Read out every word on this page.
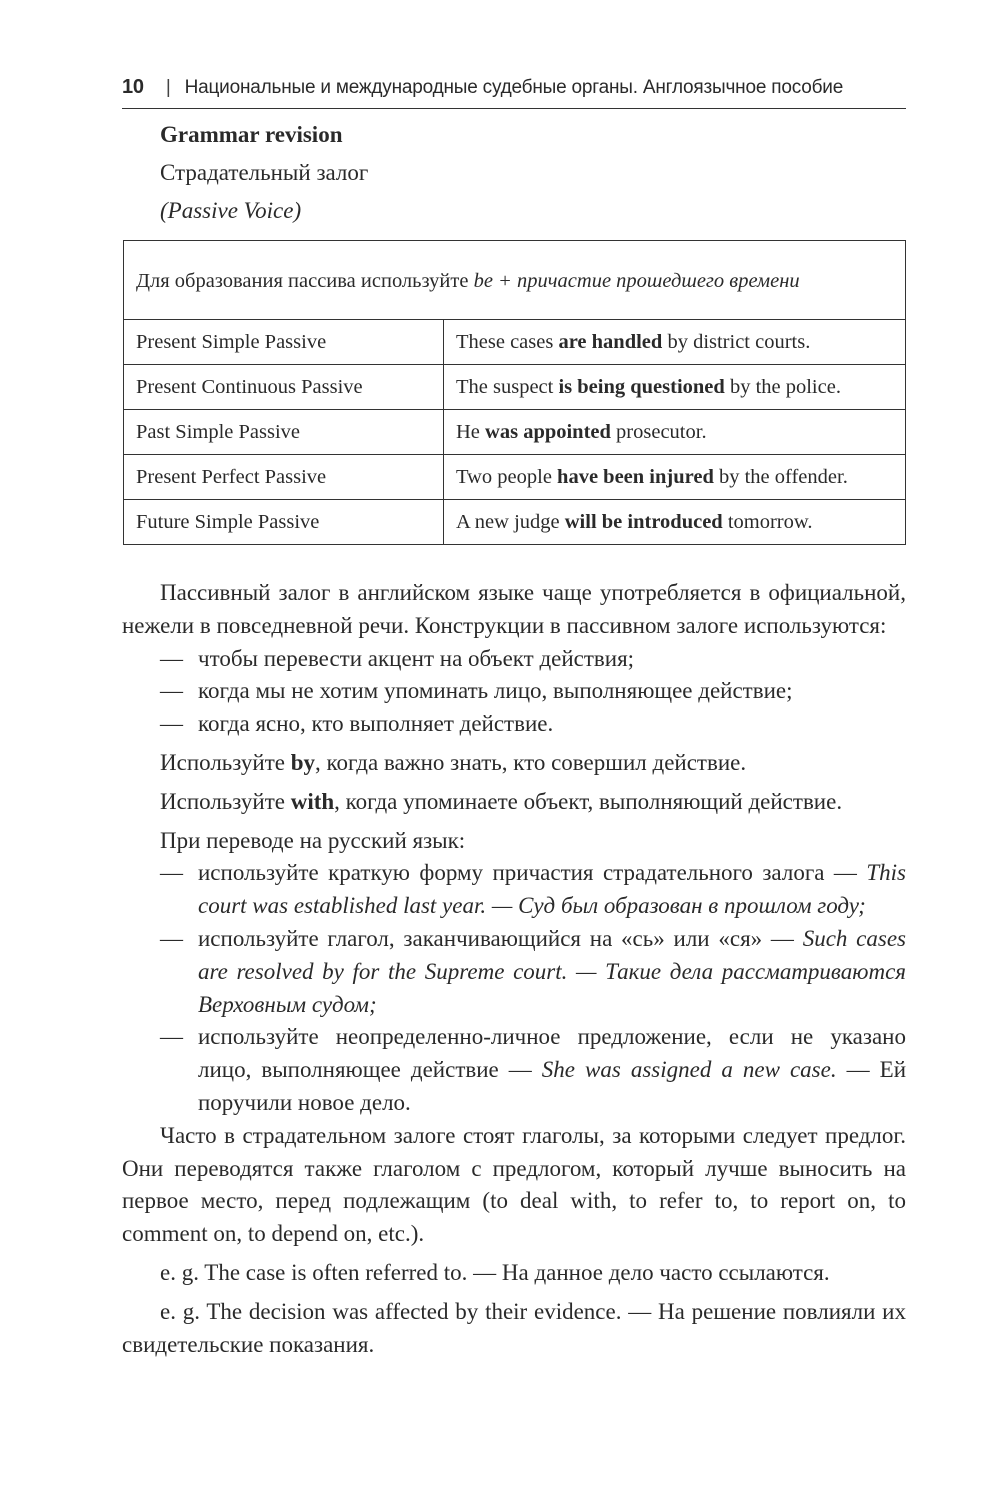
10 | Национальные и международные судебные органы. Англоязычное пособие
Grammar revision
Страдательный залог
(Passive Voice)
Для образования пассива используйте be + причастие прошедшего времени	
Present Simple Passive	These cases are handled by district courts.
Present Continuous Passive	The suspect is being questioned by the police.
Past Simple Passive	He was appointed prosecutor.
Present Perfect Passive	Two people have been injured by the offender.
Future Simple Passive	A new judge will be introduced tomorrow.

Пассивный залог в английском языке чаще употребляется в официальной, нежели в повседневной речи. Конструкции в пассивном залоге используются:

— чтобы перевести акцент на объект действия;

— когда мы не хотим упоминать лицо, выполняющее действие;

— когда ясно, кто выполняет действие.

Используйте by, когда важно знать, кто совершил действие.

Используйте with, когда упоминаете объект, выполняющий действие.

При переводе на русский язык:

— используйте краткую форму причастия страдательного залога — This court was established last year. — Суд был образован в прошлом году;

— используйте глагол, заканчивающийся на «сь» или «ся» — Such cases are resolved by for the Supreme court. — Такие дела рассматриваются Верховным судом;

— используйте неопределенно-личное предложение, если не указано лицо, выполняющее действие — She was assigned a new case. — Ей поручили новое дело.

Часто в страдательном залоге стоят глаголы, за которыми следует предлог. Они переводятся также глаголом с предлогом, который лучше выносить на первое место, перед подлежащим (to deal with, to refer to, to report on, to comment on, to depend on, etc.).

e. g. The case is often referred to. — На данное дело часто ссылаются.

e. g. The decision was affected by their evidence. — На решение повлияли их свидетельские показания.
